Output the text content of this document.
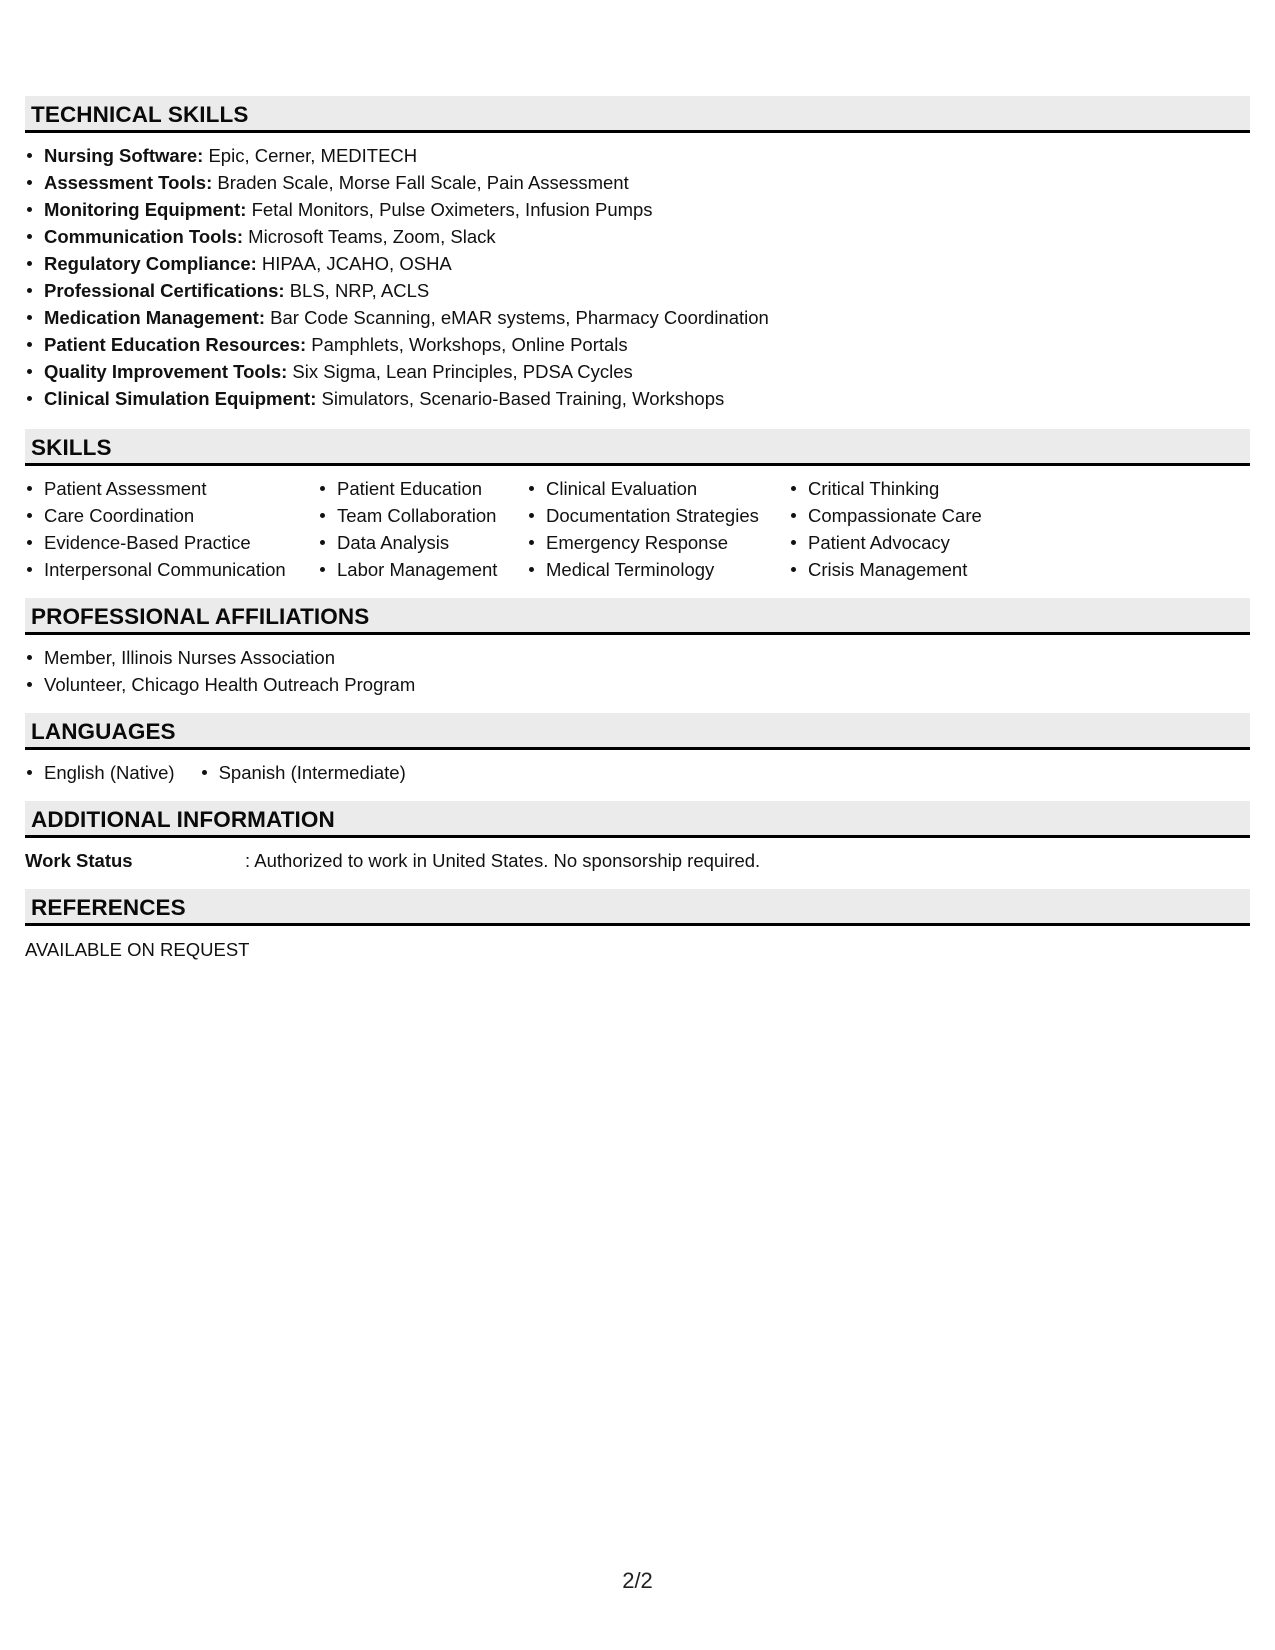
TECHNICAL SKILLS
Nursing Software: Epic, Cerner, MEDITECH
Assessment Tools: Braden Scale, Morse Fall Scale, Pain Assessment
Monitoring Equipment: Fetal Monitors, Pulse Oximeters, Infusion Pumps
Communication Tools: Microsoft Teams, Zoom, Slack
Regulatory Compliance: HIPAA, JCAHO, OSHA
Professional Certifications: BLS, NRP, ACLS
Medication Management: Bar Code Scanning, eMAR systems, Pharmacy Coordination
Patient Education Resources: Pamphlets, Workshops, Online Portals
Quality Improvement Tools: Six Sigma, Lean Principles, PDSA Cycles
Clinical Simulation Equipment: Simulators, Scenario-Based Training, Workshops
SKILLS
Patient Assessment
Care Coordination
Evidence-Based Practice
Interpersonal Communication
Patient Education
Team Collaboration
Data Analysis
Labor Management
Clinical Evaluation
Documentation Strategies
Emergency Response
Medical Terminology
Critical Thinking
Compassionate Care
Patient Advocacy
Crisis Management
PROFESSIONAL AFFILIATIONS
Member, Illinois Nurses Association
Volunteer, Chicago Health Outreach Program
LANGUAGES
English (Native)	Spanish (Intermediate)
ADDITIONAL INFORMATION
Work Status	: Authorized to work in United States. No sponsorship required.
REFERENCES
AVAILABLE ON REQUEST
2/2
